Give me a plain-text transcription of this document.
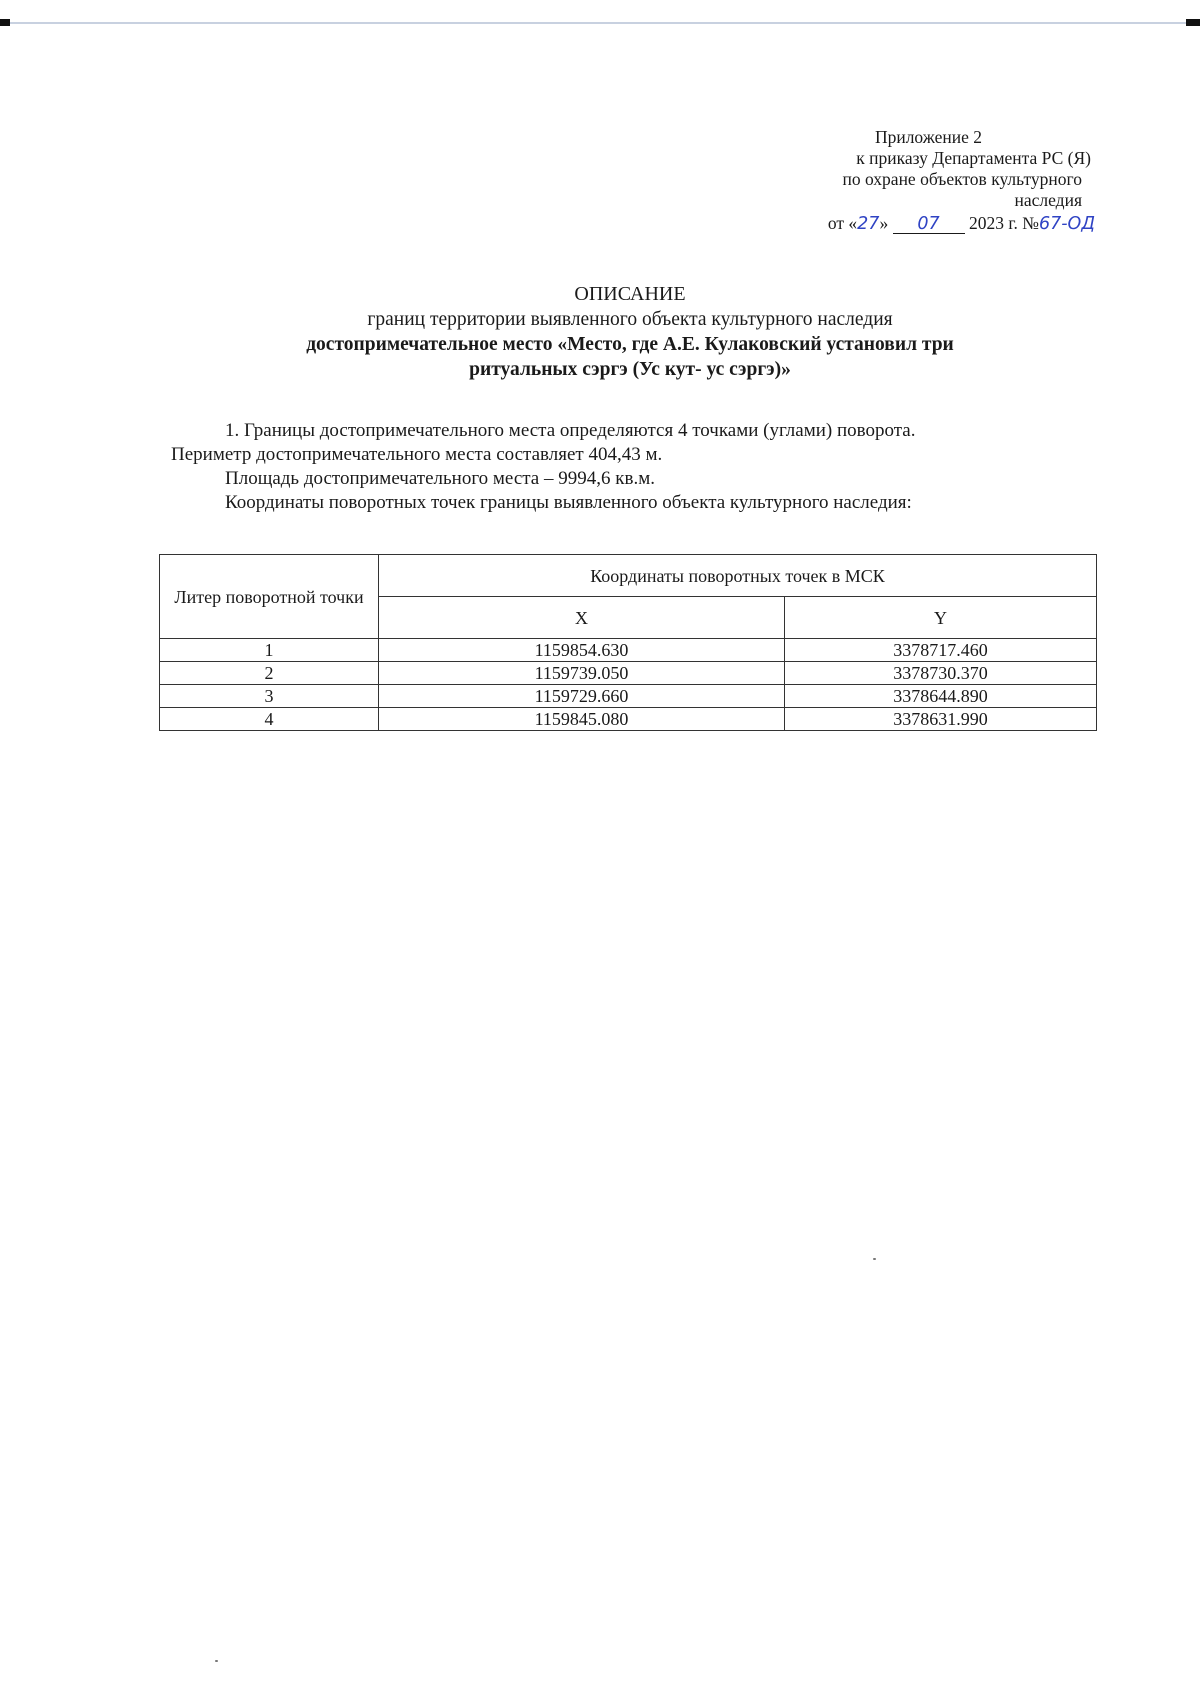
Приложение 2
к приказу Департамента РС (Я)
по охране объектов культурного
наследия
от «27» 07 2023 г. №67-ОД
ОПИСАНИЕ
границ территории выявленного объекта культурного наследия
достопримечательное место «Место, где А.Е. Кулаковский установил три
ритуальных сэргэ (Ус кут- ус сэргэ)»
1. Границы достопримечательного места определяются 4 точками (углами) поворота.
Периметр достопримечательного места составляет 404,43 м.
Площадь достопримечательного места – 9994,6 кв.м.
Координаты поворотных точек границы выявленного объекта культурного наследия:
Литер поворотной точки	Координаты поворотных точек в МСК	
	X	Y
1	1159854.630	3378717.460
2	1159739.050	3378730.370
3	1159729.660	3378644.890
4	1159845.080	3378631.990
